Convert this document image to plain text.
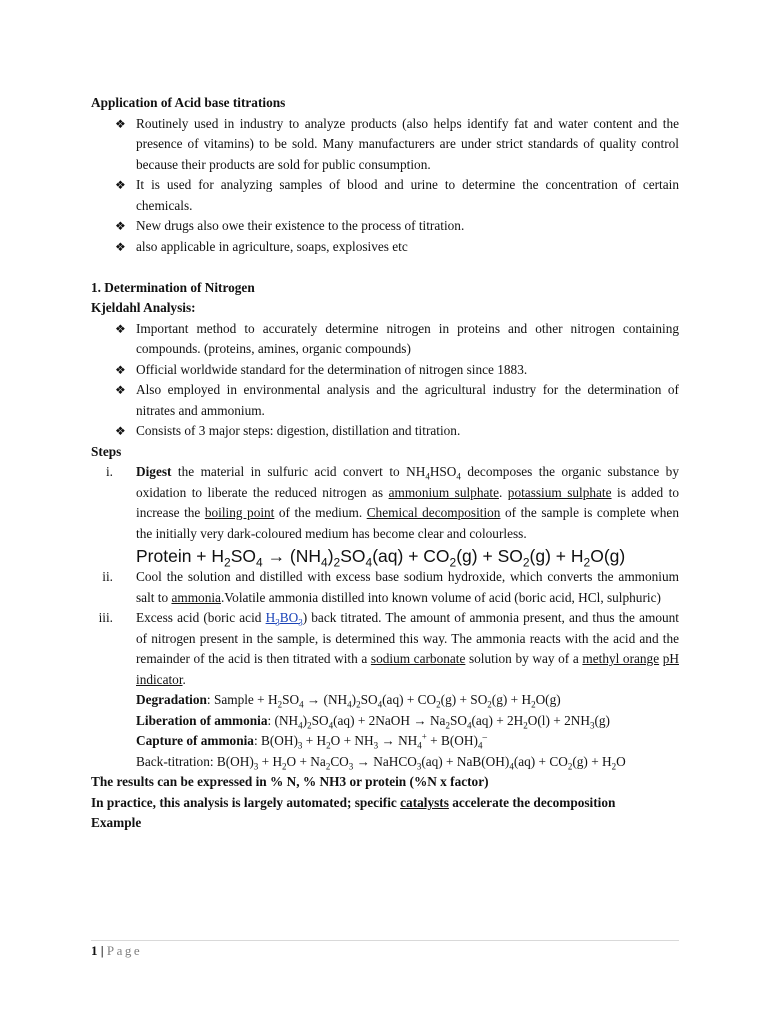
Application of Acid base titrations
❖ Routinely used in industry to analyze products (also helps identify fat and water content and the presence of vitamins) to be sold. Many manufacturers are under strict standards of quality control because their products are sold for public consumption.
❖ It is used for analyzing samples of blood and urine to determine the concentration of certain chemicals.
❖ New drugs also owe their existence to the process of titration.
❖ also applicable in agriculture, soaps, explosives etc
1. Determination of Nitrogen
Kjeldahl Analysis:
❖ Important method to accurately determine nitrogen in proteins and other nitrogen containing compounds. (proteins, amines, organic compounds)
❖ Official worldwide standard for the determination of nitrogen since 1883.
❖ Also employed in environmental analysis and the agricultural industry for the determination of nitrates and ammonium.
❖ Consists of 3 major steps: digestion, distillation and titration.
Steps
i. Digest the material in sulfuric acid convert to $NH_4HSO_4$ decomposes the organic substance by oxidation to liberate the reduced nitrogen as ammonium sulphate. potassium sulphate is added to increase the boiling point of the medium. Chemical decomposition of the sample is complete when the initially very dark-coloured medium has become clear and colourless.
Protein + $H_2SO_4 \to (NH_4)_2SO_4(aq) + CO_2(g) + SO_2(g) + H_2O(g)$
ii. Cool the solution and distilled with excess base sodium hydroxide, which converts the ammonium salt to ammonia.Volatile ammonia distilled into known volume of acid (boric acid, HCl, sulphuric)
iii. Excess acid (boric acid $H_3BO_3$) back titrated. The amount of ammonia present, and thus the amount of nitrogen present in the sample, is determined this way. The ammonia reacts with the acid and the remainder of the acid is then titrated with a sodium carbonate solution by way of a methyl orange pH indicator.
Degradation: Sample + $H_2SO_4 \to (NH_4)_2SO_4(aq) + CO_2(g) + SO_2(g) + H_2O(g)$
Liberation of ammonia: $(NH_4)_2SO_4(aq)$ + 2NaOH → $Na_2SO_4(aq) + 2H_2O(l) + 2NH_3(g)$
Capture of ammonia: $B(OH)_3 + H_2O + NH_3 \to NH_4^+ + B(OH)_4^-$
Back-titration: $B(OH)_3 + H_2O + Na_2CO_3$ → NaHCO$_3$(aq) + $NaB(OH)_4(aq) + CO_2(g) + H_2O$
The results can be expressed in % N, % NH3 or protein (%N x factor)
In practice, this analysis is largely automated; specific catalysts accelerate the decomposition
Example
1 | Page
